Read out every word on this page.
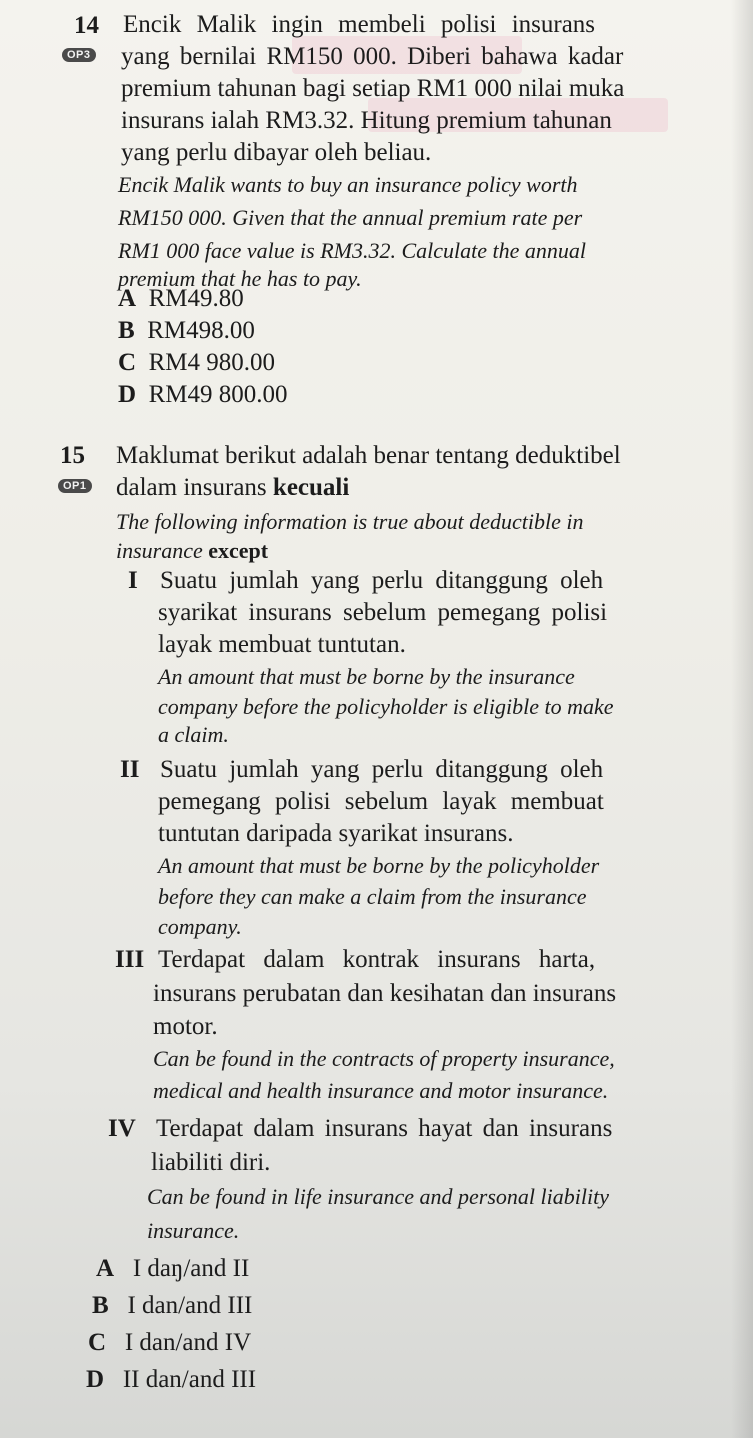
14
OP3
Encik Malik ingin membeli polisi insurans
yang bernilai RM150 000. Diberi bahawa kadar
premium tahunan bagi setiap RM1 000 nilai muka
insurans ialah RM3.32. Hitung premium tahunan
yang perlu dibayar oleh beliau.
Encik Malik wants to buy an insurance policy worth
RM150 000. Given that the annual premium rate per
RM1 000 face value is RM3.32. Calculate the annual
premium that he has to pay.
A RM49.80
B RM498.00
C RM4 980.00
D RM49 800.00
15
OP1
Maklumat berikut adalah benar tentang deduktibel
dalam insurans kecuali
The following information is true about deductible in
insurance except
I Suatu jumlah yang perlu ditanggung oleh
syarikat insurans sebelum pemegang polisi
layak membuat tuntutan.
An amount that must be borne by the insurance
company before the policyholder is eligible to make
a claim.
II Suatu jumlah yang perlu ditanggung oleh
pemegang polisi sebelum layak membuat
tuntutan daripada syarikat insurans.
An amount that must be borne by the policyholder
before they can make a claim from the insurance
company.
III Terdapat dalam kontrak insurans harta,
insurans perubatan dan kesihatan dan insurans
motor.
Can be found in the contracts of property insurance,
medical and health insurance and motor insurance.
IV Terdapat dalam insurans hayat dan insurans
liabiliti diri.
Can be found in life insurance and personal liability
insurance.
A I daŋ/and II
B I dan/and III
C I dan/and IV
D II dan/and III
